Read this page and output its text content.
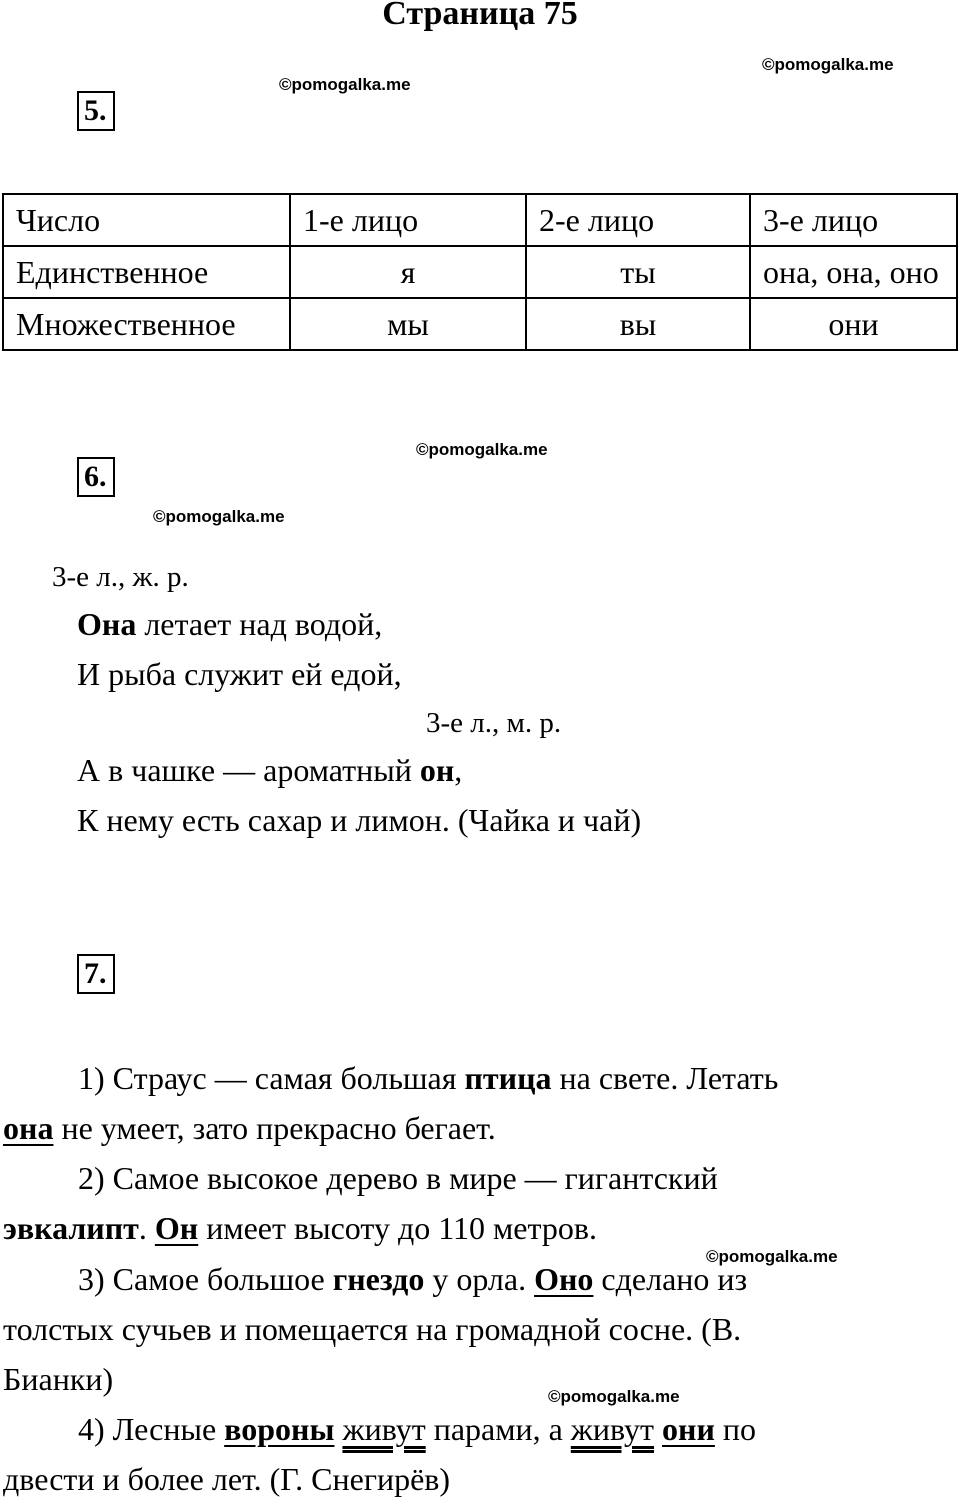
Страница 75
©pomogalka.me
©pomogalka.me
5.
Число	1-е лицо	2-е лицо	3-е лицо
Единственное	я	ты	она, она, оно
Множественное	мы	вы	они
©pomogalka.me
6.
©pomogalka.me
3-е л., ж. р.
Она летает над водой,
И рыба служит ей едой,
3-е л., м. р.
А в чашке — ароматный он,
К нему есть сахар и лимон. (Чайка и чай)
7.
1) Страус — самая большая птица на свете. Летать
она не умеет, зато прекрасно бегает.
2) Самое высокое дерево в мире — гигантский
эвкалипт. Он имеет высоту до 110 метров.
©pomogalka.me
3) Самое большое гнездо у орла. Оно сделано из
толстых сучьев и помещается на громадной сосне. (В.
Бианки)	©pomogalka.me
4) Лесные вороны живут парами, а живут они по
двести и более лет. (Г. Снегирёв)
